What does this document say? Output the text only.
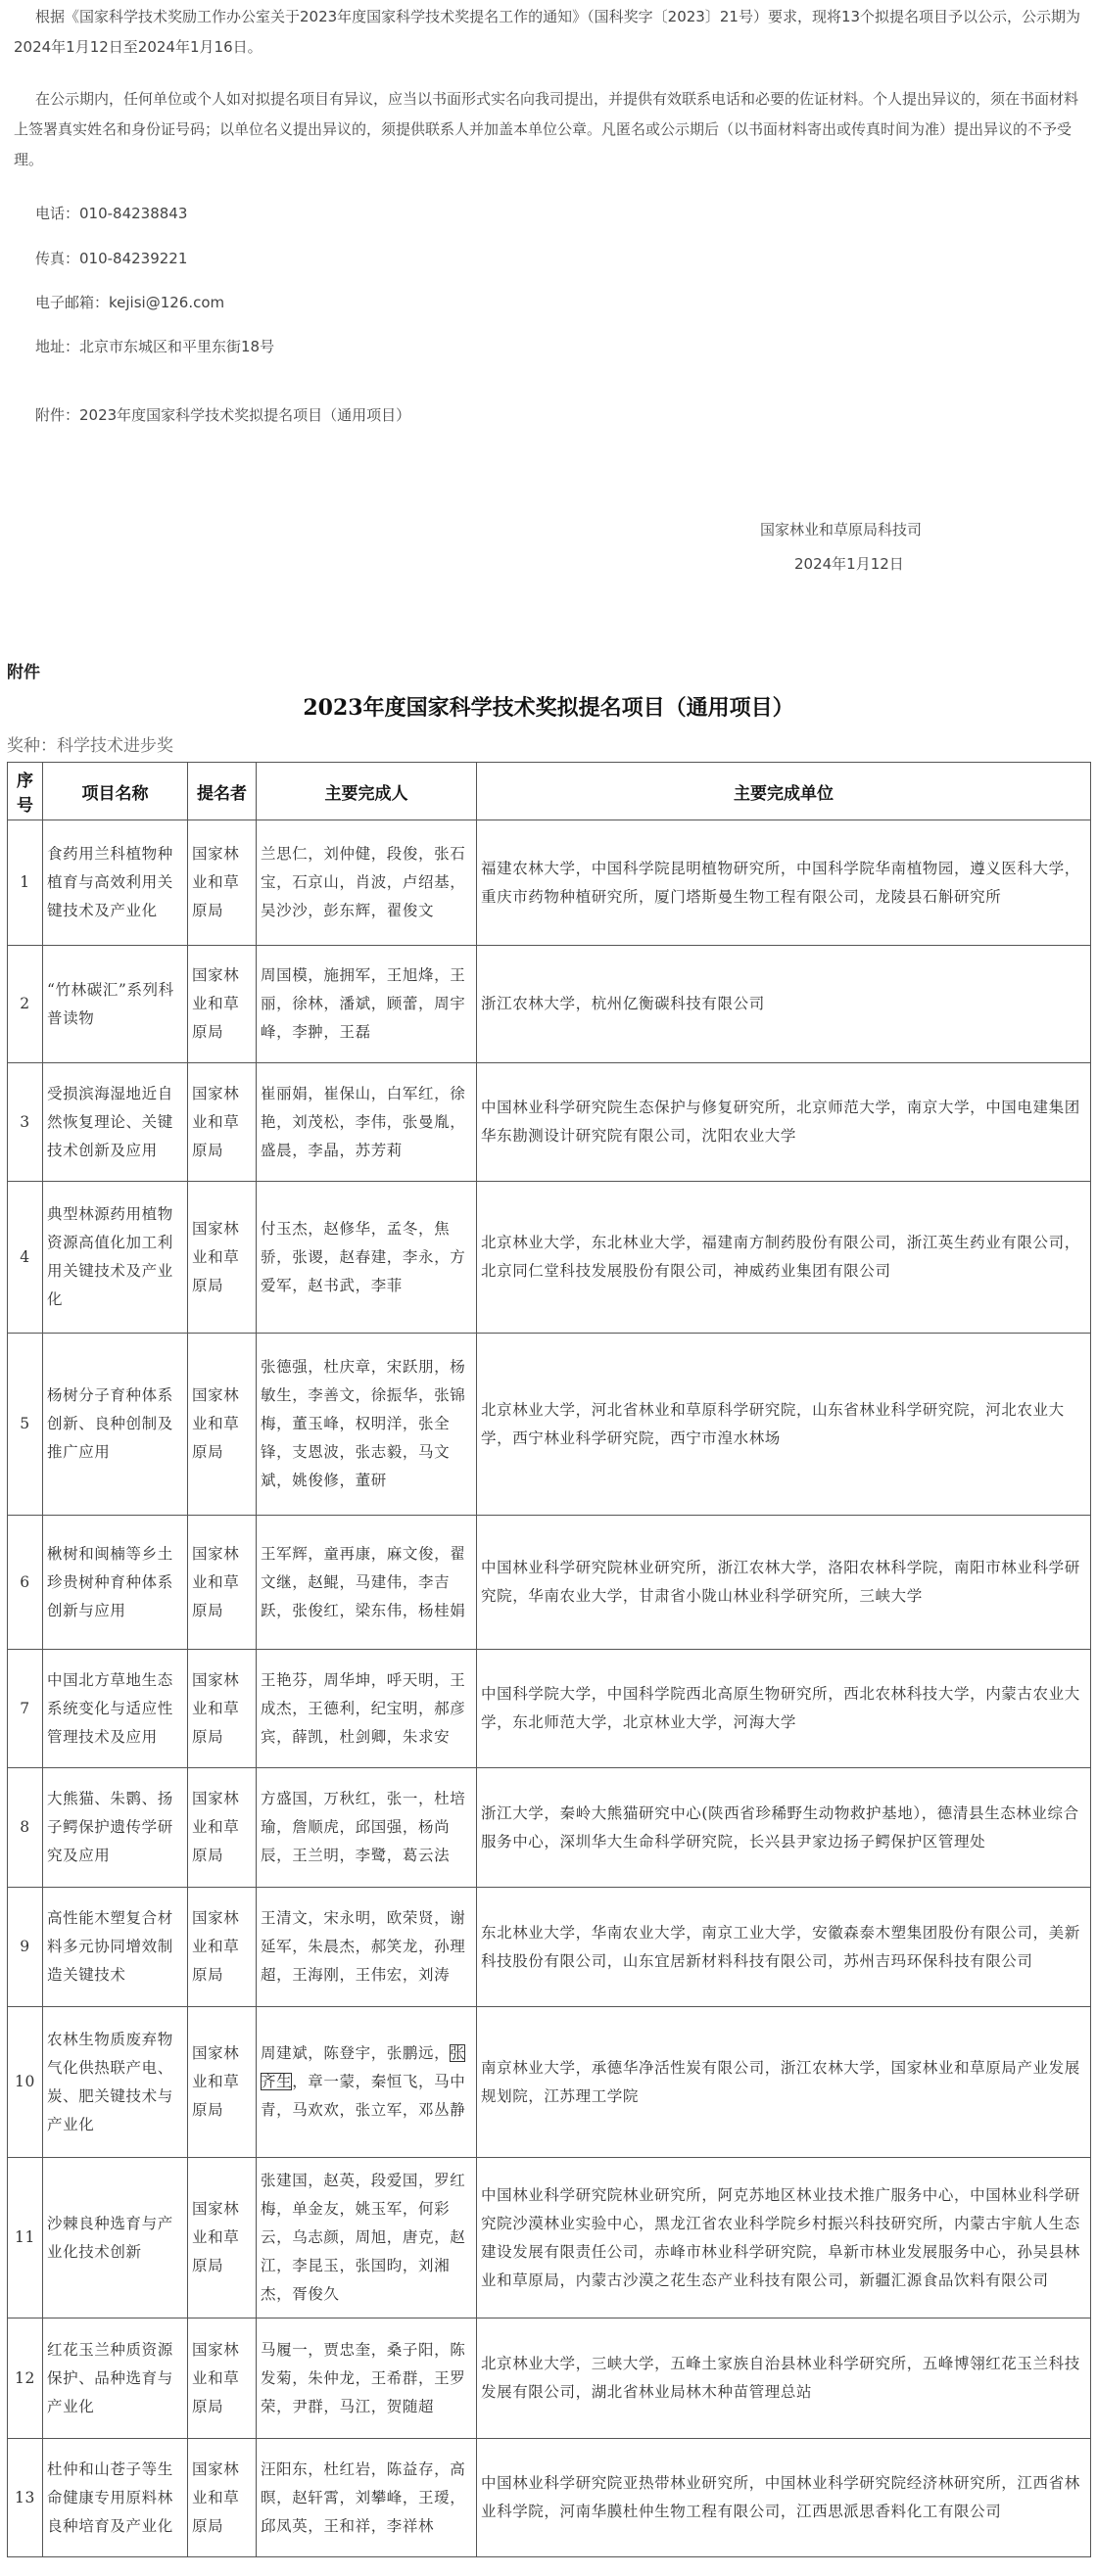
根据《国家科学技术奖励工作办公室关于2023年度国家科学技术奖提名工作的通知》（国科奖字〔2023〕21号）要求，现将13个拟提名项目予以公示，公示期为2024年1月12日至2024年1月16日。

在公示期内，任何单位或个人如对拟提名项目有异议，应当以书面形式实名向我司提出，并提供有效联系电话和必要的佐证材料。个人提出异议的，须在书面材料上签署真实姓名和身份证号码；以单位名义提出异议的，须提供联系人并加盖本单位公章。凡匿名或公示期后（以书面材料寄出或传真时间为准）提出异议的不予受理。

电话：010-84238843

传真：010-84239221

电子邮箱：kejisi@126.com

地址：北京市东城区和平里东街18号

附件：2023年度国家科学技术奖拟提名项目（通用项目）

国家林业和草原局科技司

2024年1月12日

附件
2023年度国家科学技术奖拟提名项目（通用项目）
奖种：科学技术进步奖
序号	项目名称	提名者	主要完成人	主要完成单位
1	食药用兰科植物种植育与高效利用关键技术及产业化	国家林业和草原局	兰思仁，刘仲健，段俊，张石宝，石京山，肖波，卢绍基，吴沙沙，彭东辉，翟俊文	福建农林大学，中国科学院昆明植物研究所，中国科学院华南植物园，遵义医科大学，重庆市药物种植研究所，厦门塔斯曼生物工程有限公司，龙陵县石斛研究所
2	“竹林碳汇”系列科普读物	国家林业和草原局	周国模，施拥军，王旭烽，王丽，徐林，潘斌，顾蕾，周宇峰，李翀，王磊	浙江农林大学，杭州亿衡碳科技有限公司
3	受损滨海湿地近自然恢复理论、关键技术创新及应用	国家林业和草原局	崔丽娟，崔保山，白军红，徐艳，刘茂松，李伟，张曼胤，盛晨，李晶，苏芳莉	中国林业科学研究院生态保护与修复研究所，北京师范大学，南京大学，中国电建集团华东勘测设计研究院有限公司，沈阳农业大学
4	典型林源药用植物资源高值化加工利用关键技术及产业化	国家林业和草原局	付玉杰，赵修华，孟冬，焦骄，张谡，赵春建，李永，方爱军，赵书武，李菲	北京林业大学，东北林业大学，福建南方制药股份有限公司，浙江英生药业有限公司，北京同仁堂科技发展股份有限公司，神威药业集团有限公司
5	杨树分子育种体系创新、良种创制及推广应用	国家林业和草原局	张德强，杜庆章，宋跃朋，杨敏生，李善文，徐振华，张锦梅，董玉峰，权明洋，张全锋，支恩波，张志毅，马文斌，姚俊修，董研	北京林业大学，河北省林业和草原科学研究院，山东省林业科学研究院，河北农业大学，西宁林业科学研究院，西宁市湟水林场
6	楸树和闽楠等乡土珍贵树种育种体系创新与应用	国家林业和草原局	王军辉，童再康，麻文俊，翟文继，赵鲲，马建伟，李吉跃，张俊红，梁东伟，杨桂娟	中国林业科学研究院林业研究所，浙江农林大学，洛阳农林科学院，南阳市林业科学研究院，华南农业大学，甘肃省小陇山林业科学研究所，三峡大学
7	中国北方草地生态系统变化与适应性管理技术及应用	国家林业和草原局	王艳芬，周华坤，呼天明，王成杰，王德利，纪宝明，郝彦宾，薛凯，杜剑卿，朱求安	中国科学院大学，中国科学院西北高原生物研究所，西北农林科技大学，内蒙古农业大学，东北师范大学，北京林业大学，河海大学
8	大熊猫、朱鹮、扬子鳄保护遗传学研究及应用	国家林业和草原局	方盛国，万秋红，张一，杜培瑜，詹顺虎，邱国强，杨尚辰，王兰明，李鹭，葛云法	浙江大学，秦岭大熊猫研究中心(陕西省珍稀野生动物救护基地），德清县生态林业综合服务中心，深圳华大生命科学研究院，长兴县尹家边扬子鳄保护区管理处
9	高性能木塑复合材料多元协同增效制造关键技术	国家林业和草原局	王清文，宋永明，欧荣贤，谢延军，朱晨杰，郝笑龙，孙理超，王海刚，王伟宏，刘涛	东北林业大学，华南农业大学，南京工业大学，安徽森泰木塑集团股份有限公司，美新科技股份有限公司，山东宜居新材料科技有限公司，苏州吉玛环保科技有限公司
10	农林生物质废弃物气化供热联产电、炭、肥关键技术与产业化	国家林业和草原局	周建斌，陈登宇，张鹏远，张齐生，章一蒙，秦恒飞，马中青，马欢欢，张立军，邓丛静	南京林业大学，承德华净活性炭有限公司，浙江农林大学，国家林业和草原局产业发展规划院，江苏理工学院
11	沙棘良种选育与产业化技术创新	国家林业和草原局	张建国，赵英，段爱国，罗红梅，单金友，姚玉军，何彩云，乌志颜，周旭，唐克，赵江，李昆玉，张国昀，刘湘杰，胥俊久	中国林业科学研究院林业研究所，阿克苏地区林业技术推广服务中心，中国林业科学研究院沙漠林业实验中心，黑龙江省农业科学院乡村振兴科技研究所，内蒙古宇航人生态建设发展有限责任公司，赤峰市林业科学研究院，阜新市林业发展服务中心，孙吴县林业和草原局，内蒙古沙漠之花生态产业科技有限公司，新疆汇源食品饮料有限公司
12	红花玉兰种质资源保护、品种选育与产业化	国家林业和草原局	马履一，贾忠奎，桑子阳，陈发菊，朱仲龙，王希群，王罗荣，尹群，马江，贺随超	北京林业大学，三峡大学，五峰土家族自治县林业科学研究所，五峰博翎红花玉兰科技发展有限公司，湖北省林业局林木种苗管理总站
13	杜仲和山苍子等生命健康专用原料林良种培育及产业化	国家林业和草原局	汪阳东，杜红岩，陈益存，高暝，赵轩霄，刘攀峰，王瑷，邱凤英，王和祥，李祥林	中国林业科学研究院亚热带林业研究所，中国林业科学研究院经济林研究所，江西省林业科学院，河南华膜杜仲生物工程有限公司，江西思派思香料化工有限公司
